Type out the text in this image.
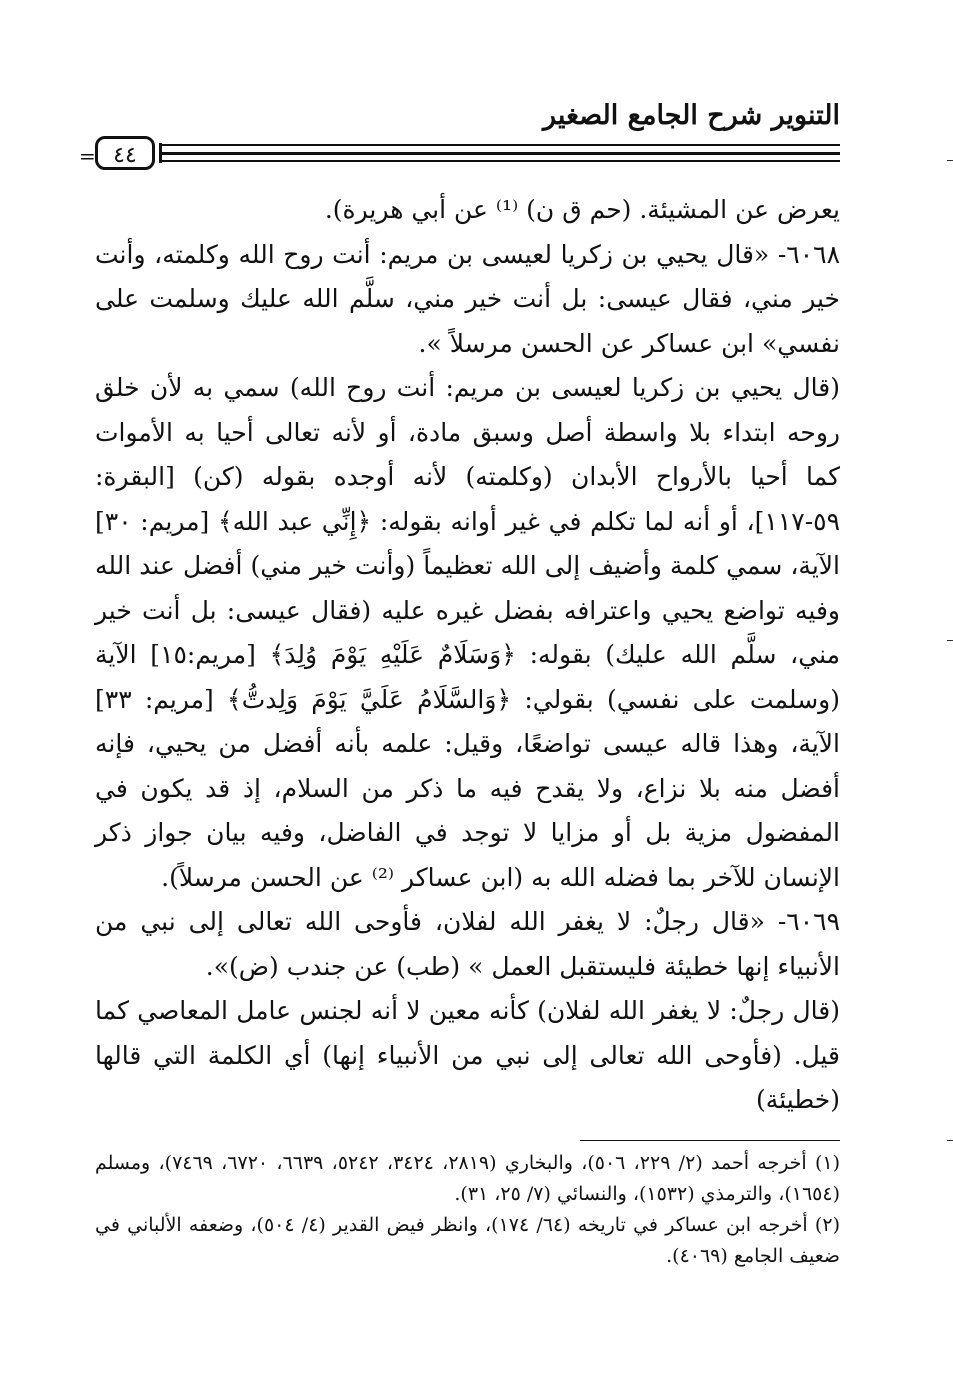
التنوير شرح الجامع الصغير
٤٤
=

يعرض عن المشيئة. (حم ق ن) ⁽¹⁾ عن أبي هريرة).

٦٠٦٨- «قال يحيي بن زكريا لعيسى بن مريم: أنت روح الله وكلمته، وأنت خير مني، فقال عيسى: بل أنت خير مني، سلَّم الله عليك وسلمت على نفسي» ابن عساكر عن الحسن مرسلاً ».

(قال يحيي بن زكريا لعيسى بن مريم: أنت روح الله) سمي به لأن خلق روحه ابتداء بلا واسطة أصل وسبق مادة، أو لأنه تعالى أحيا به الأموات كما أحيا بالأرواح الأبدان (وكلمته) لأنه أوجده بقوله (كن) [البقرة: ٥٩-١١٧]، أو أنه لما تكلم في غير أوانه بقوله: ﴿إِنِّي عبد الله﴾ [مريم: ٣٠] الآية، سمي كلمة وأضيف إلى الله تعظيماً (وأنت خير مني) أفضل عند الله وفيه تواضع يحيي واعترافه بفضل غيره عليه (فقال عيسى: بل أنت خير مني، سلَّم الله عليك) بقوله: ﴿وَسَلَامٌ عَلَيْهِ يَوْمَ وُلِدَ﴾ [مريم:١٥] الآية (وسلمت على نفسي) بقولي: ﴿وَالسَّلَامُ عَلَيَّ يَوْمَ وَلِدتُّ﴾ [مريم: ٣٣] الآية، وهذا قاله عيسى تواضعًا، وقيل: علمه بأنه أفضل من يحيي، فإنه أفضل منه بلا نزاع، ولا يقدح فيه ما ذكر من السلام، إذ قد يكون في المفضول مزية بل أو مزايا لا توجد في الفاضل، وفيه بيان جواز ذكر الإنسان للآخر بما فضله الله به (ابن عساكر ⁽²⁾ عن الحسن مرسلاً).

٦٠٦٩- «قال رجلٌ: لا يغفر الله لفلان، فأوحى الله تعالى إلى نبي من الأنبياء إنها خطيئة فليستقبل العمل » (طب) عن جندب (ض)».

(قال رجلٌ: لا يغفر الله لفلان) كأنه معين لا أنه لجنس عامل المعاصي كما قيل. (فأوحى الله تعالى إلى نبي من الأنبياء إنها) أي الكلمة التي قالها (خطيئة)

(١) أخرجه أحمد (٢/ ٢٢٩، ٥٠٦)، والبخاري (٢٨١٩، ٣٤٢٤، ٥٢٤٢، ٦٦٣٩، ٦٧٢٠، ٧٤٦٩)، ومسلم (١٦٥٤)، والترمذي (١٥٣٢)، والنسائي (٧/ ٢٥، ٣١).

(٢) أخرجه ابن عساكر في تاريخه (٦٤/ ١٧٤)، وانظر فيض القدير (٤/ ٥٠٤)، وضعفه الألباني في ضعيف الجامع (٤٠٦٩).
